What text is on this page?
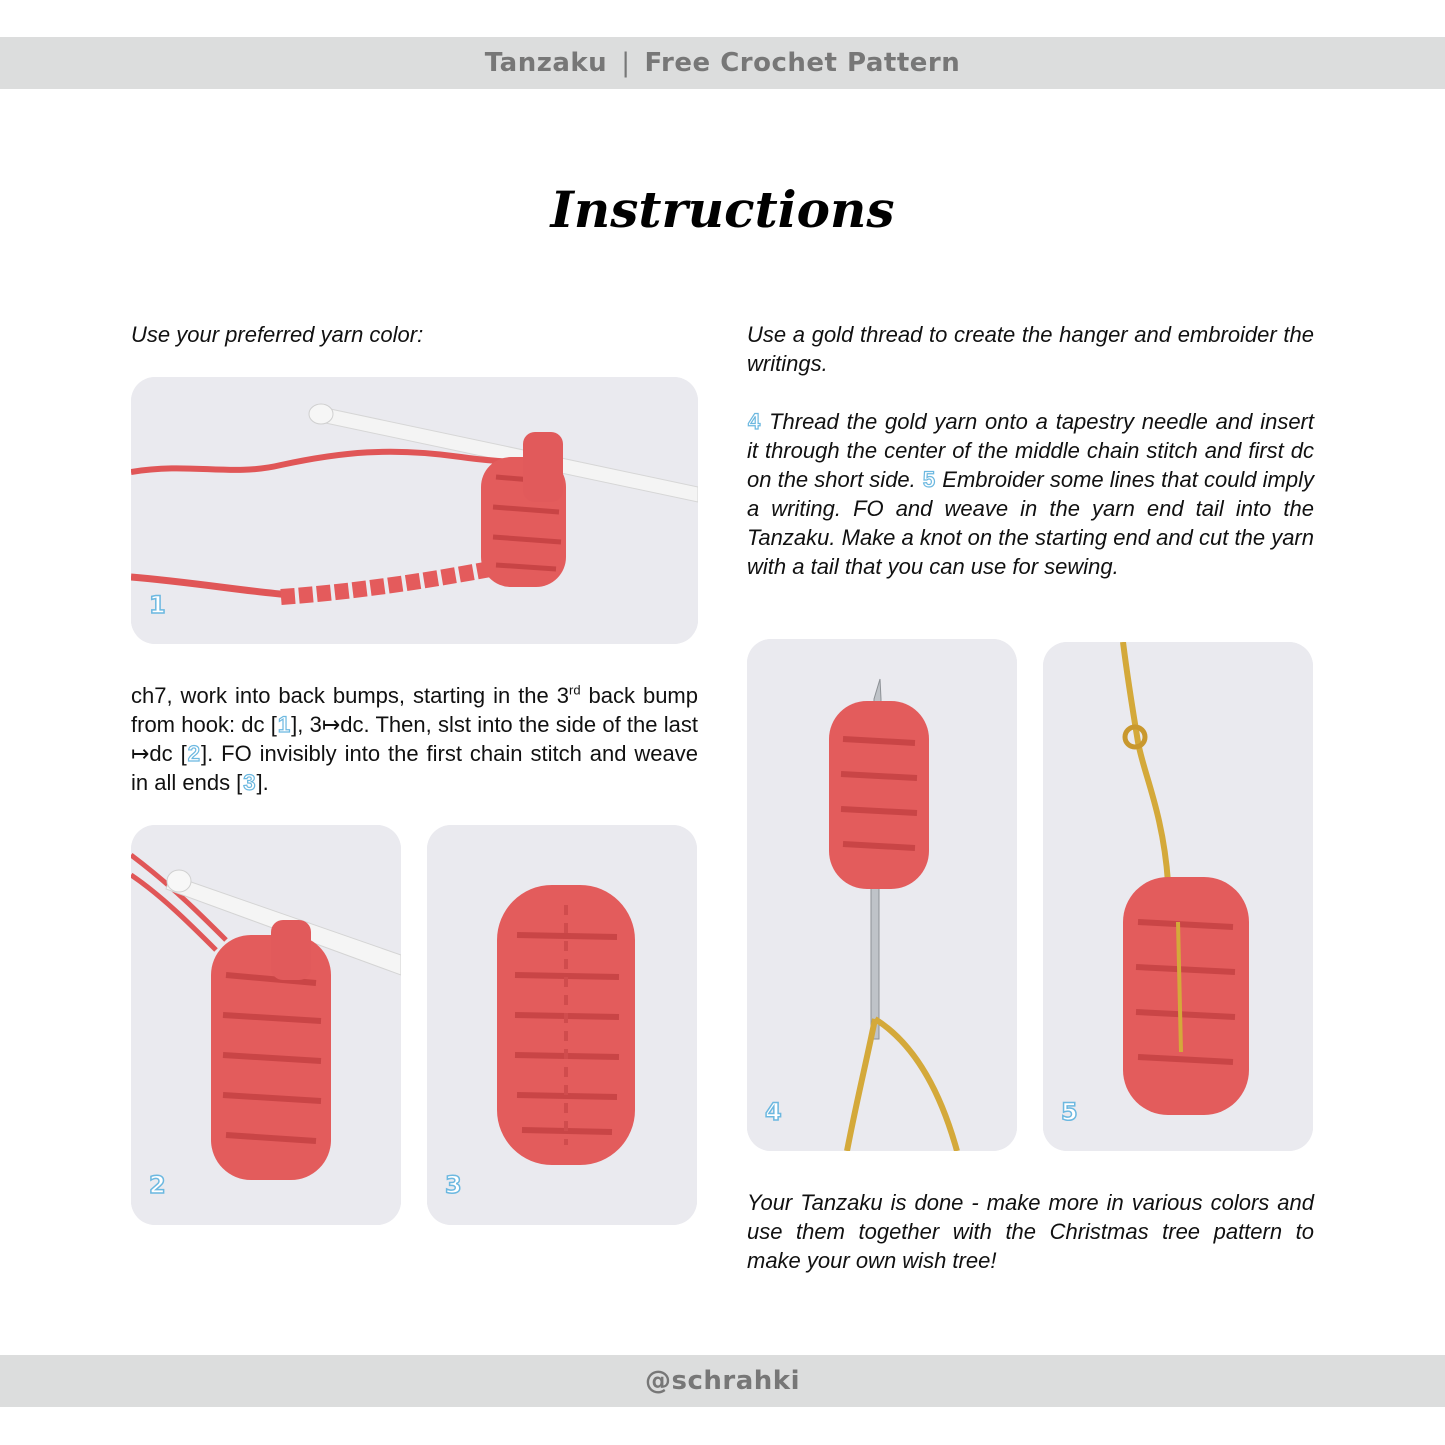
Tanzaku | Free Crochet Pattern
Instructions
Use your preferred yarn color:
1
ch7, work into back bumps, starting in the 3rd back bump from hook: dc [1], 3↦dc. Then, slst into the side of the last ↦dc [2]. FO invisibly into the first chain stitch and weave in all ends [3].
2	3
Use a gold thread to create the hanger and embroider the writings.
4 Thread the gold yarn onto a tapestry needle and insert it through the center of the middle chain stitch and first dc on the short side. 5 Embroider some lines that could imply a writing. FO and weave in the yarn end tail into the Tanzaku. Make a knot on the starting end and cut the yarn with a tail that you can use for sewing.
4	5
Your Tanzaku is done - make more in various colors and use them together with the Christmas tree pattern to make your own wish tree!
@schrahki
